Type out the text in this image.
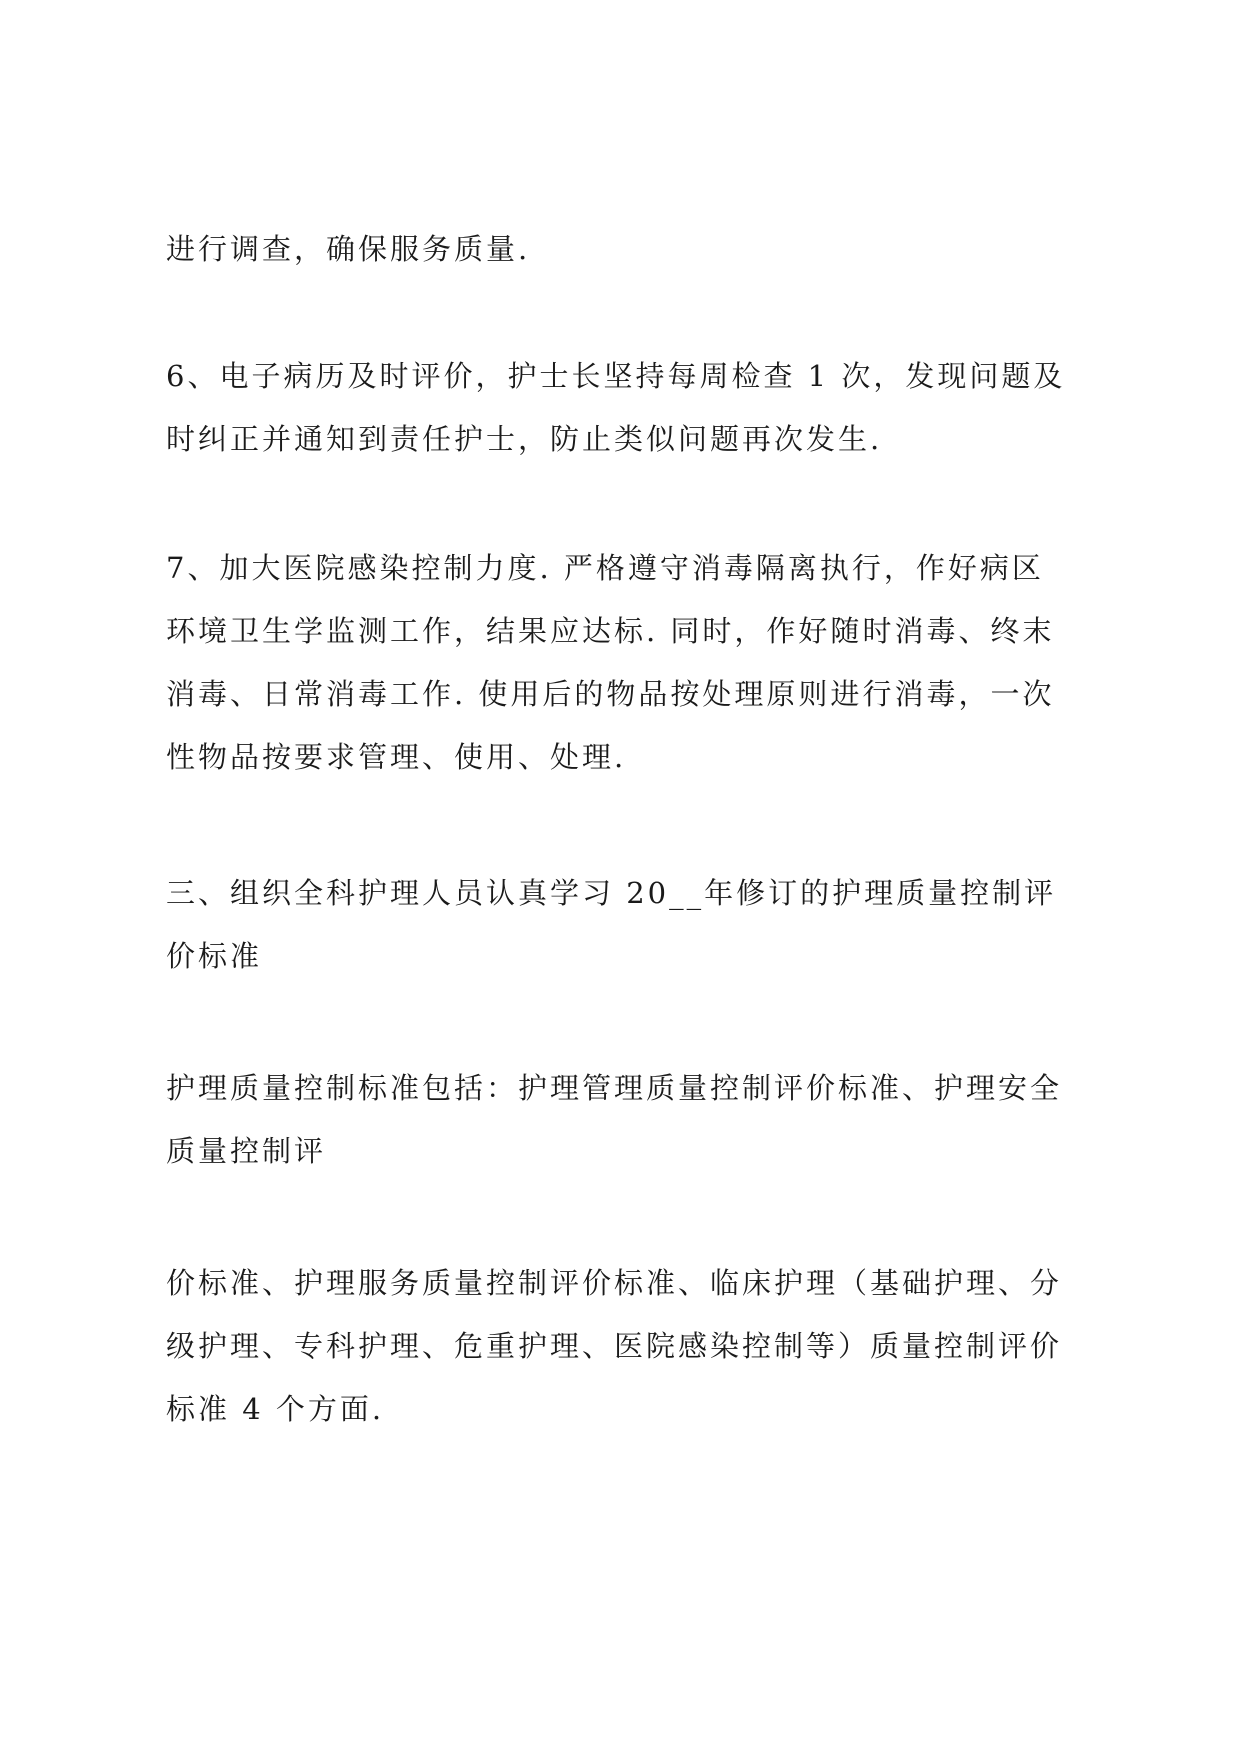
进行调查，确保服务质量.

6、电子病历及时评价，护士长坚持每周检查 1 次，发现问题及
时纠正并通知到责任护士，防止类似问题再次发生.

7、加大医院感染控制力度. 严格遵守消毒隔离执行，作好病区
环境卫生学监测工作，结果应达标. 同时，作好随时消毒、终末
消毒、日常消毒工作. 使用后的物品按处理原则进行消毒，一次
性物品按要求管理、使用、处理.

三、组织全科护理人员认真学习 20__年修订的护理质量控制评
价标准

护理质量控制标准包括：护理管理质量控制评价标准、护理安全
质量控制评

价标准、护理服务质量控制评价标准、临床护理（基础护理、分
级护理、专科护理、危重护理、医院感染控制等）质量控制评价
标准 4 个方面.
